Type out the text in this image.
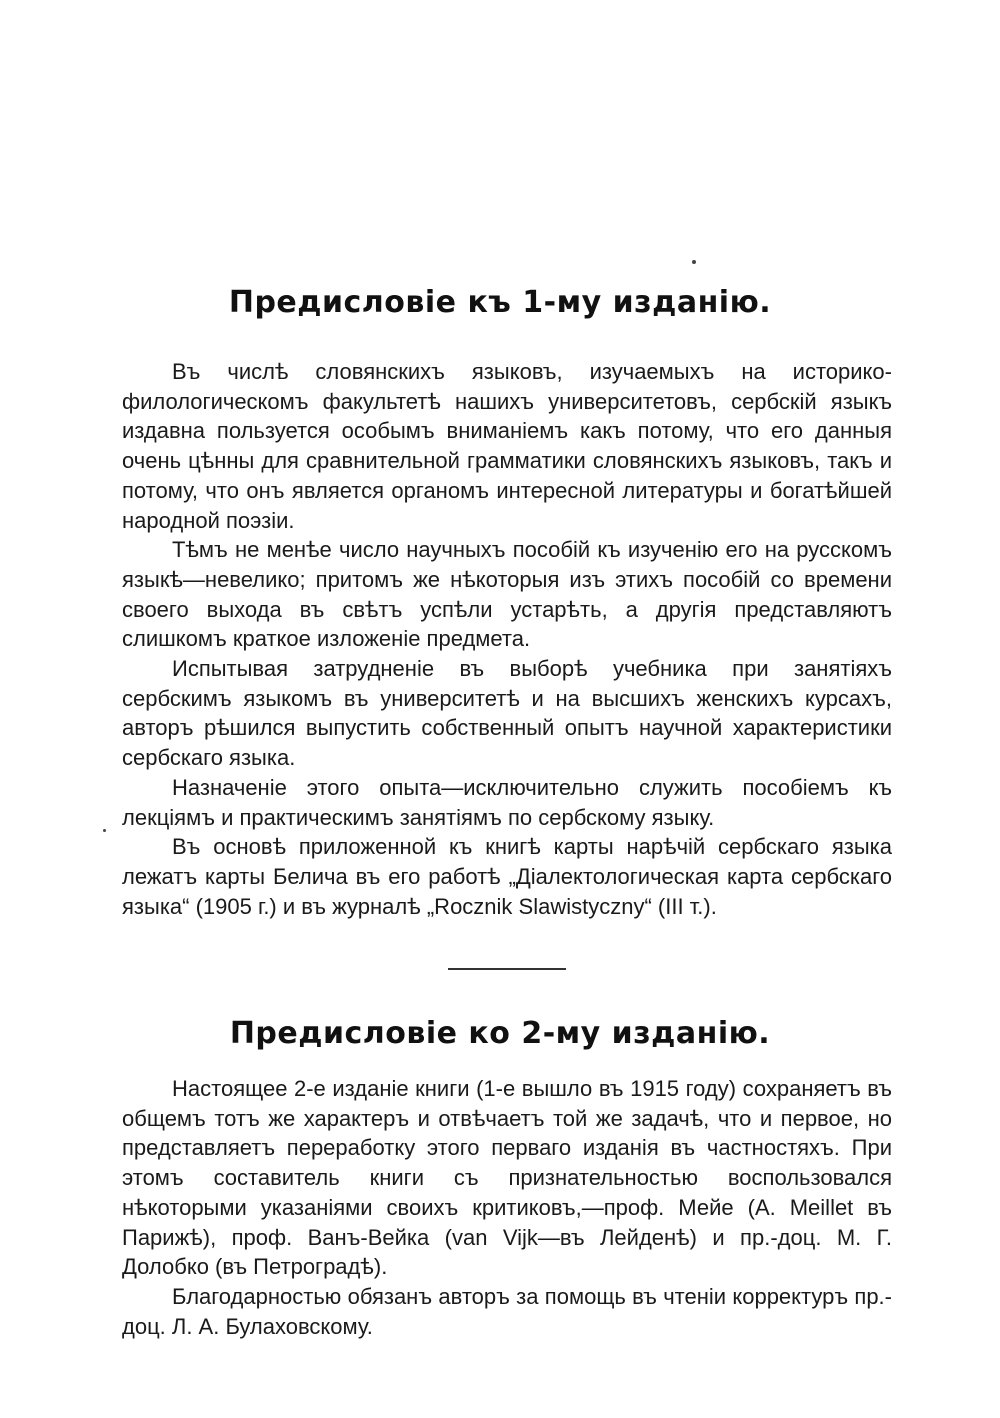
Предисловіе къ 1-му изданію.

Въ числѣ словянскихъ языковъ, изучаемыхъ на историко-филологическомъ факультетѣ нашихъ университетовъ, сербскій языкъ издавна пользуется особымъ вниманіемъ какъ потому, что его данныя очень цѣнны для сравнительной грамматики словянскихъ языковъ, такъ и потому, что онъ является органомъ интересной литературы и богатѣйшей народной поэзіи.

Тѣмъ не менѣе число научныхъ пособій къ изученію его на русскомъ языкѣ—невелико; притомъ же нѣкоторыя изъ этихъ пособій со времени своего выхода въ свѣтъ успѣли устарѣть, а другія представляютъ слишкомъ краткое изложеніе предмета.

Испытывая затрудненіе въ выборѣ учебника при занятіяхъ сербскимъ языкомъ въ университетѣ и на высшихъ женскихъ курсахъ, авторъ рѣшился выпустить собственный опытъ научной характеристики сербскаго языка.

Назначеніе этого опыта—исключительно служить пособіемъ къ лекціямъ и практическимъ занятіямъ по сербскому языку.

Въ основѣ приложенной къ книгѣ карты нарѣчій сербскаго языка лежатъ карты Белича въ его работѣ „Діалектологическая карта сербскаго языка“ (1905 г.) и въ журналѣ „Rocznik Slawistyczny“ (III т.).

Предисловіе ко 2-му изданію.

Настоящее 2-е изданіе книги (1-е вышло въ 1915 году) сохраняетъ въ общемъ тотъ же характеръ и отвѣчаетъ той же задачѣ, что и первое, но представляетъ переработку этого перваго изданія въ частностяхъ. При этомъ составитель книги съ признательностью воспользовался нѣкоторыми указаніями своихъ критиковъ,—проф. Мейе (A. Meillet въ Парижѣ), проф. Ванъ-Вейка (van Vijk—въ Лейденѣ) и пр.-доц. М. Г. Долобко (въ Петроградѣ).

Благодарностью обязанъ авторъ за помощь въ чтеніи корректуръ пр.-доц. Л. А. Булаховскому.
